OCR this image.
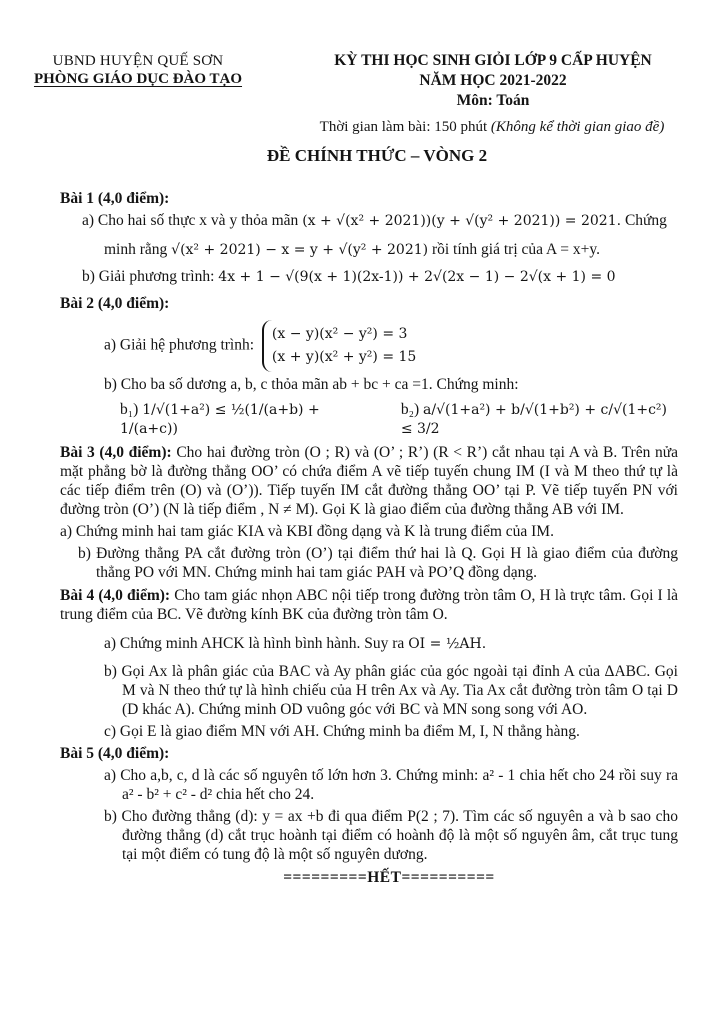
UBND HUYỆN QUẾ SƠN
PHÒNG GIÁO DỤC ĐÀO TẠO
KỲ THI HỌC SINH GIỎI LỚP 9 CẤP HUYỆN
NĂM HỌC 2021-2022
Môn: Toán
Thời gian làm bài: 150 phút (Không kể thời gian giao đề)
ĐỀ CHÍNH THỨC – VÒNG 2
Bài 1 (4,0 điểm):
a) Cho hai số thực x và y thỏa mãn (x + √(x² + 2021))(y + √(y² + 2021)) = 2021. Chứng
minh rằng √(x² + 2021) − x = y + √(y² + 2021) rồi tính giá trị của A = x+y.
b) Giải phương trình: 4x + 1 − √(9(x + 1)(2x-1)) + 2√(2x − 1) − 2√(x + 1) = 0
Bài 2 (4,0 điểm):
a) Giải hệ phương trình:
(x − y)(x² − y²) = 3
(x + y)(x² + y²) = 15
b) Cho ba số dương a, b, c thỏa mãn ab + bc + ca =1. Chứng minh:
b₁) 1/√(1+a²) ≤ ½(1/(a+b) + 1/(a+c))
b₂) a/√(1+a²) + b/√(1+b²) + c/√(1+c²) ≤ 3/2
Bài 3 (4,0 điểm): Cho hai đường tròn (O ; R) và (O’ ; R’) (R < R’) cắt nhau tại A và B. Trên nửa mặt phẳng bờ là đường thẳng OO’ có chứa điểm A vẽ tiếp tuyến chung IM (I và M theo thứ tự là các tiếp điểm trên (O) và (O’)). Tiếp tuyến IM cắt đường thẳng OO’ tại P. Vẽ tiếp tuyến PN với đường tròn (O’) (N là tiếp điểm , N ≠ M). Gọi K là giao điểm của đường thẳng AB với IM.
a) Chứng minh hai tam giác KIA và KBI đồng dạng và K là trung điểm của IM.
b) Đường thẳng PA cắt đường tròn (O’) tại điểm thứ hai là Q. Gọi H là giao điểm của đường thẳng PO với MN. Chứng minh hai tam giác PAH và PO’Q đồng dạng.
Bài 4 (4,0 điểm): Cho tam giác nhọn ABC nội tiếp trong đường tròn tâm O, H là trực tâm. Gọi I là trung điểm của BC. Vẽ đường kính BK của đường tròn tâm O.
a) Chứng minh AHCK là hình bình hành. Suy ra OI = ½AH.
b) Gọi Ax là phân giác của BAC và Ay phân giác của góc ngoài tại đỉnh A của ΔABC. Gọi M và N theo thứ tự là hình chiếu của H trên Ax và Ay. Tia Ax cắt đường tròn tâm O tại D (D khác A). Chứng minh OD vuông góc với BC và MN song song với AO.
c) Gọi E là giao điểm MN với AH. Chứng minh ba điểm M, I, N thẳng hàng.
Bài 5 (4,0 điểm):
a) Cho a,b, c, d là các số nguyên tố lớn hơn 3. Chứng minh: a² - 1 chia hết cho 24 rồi suy ra a² - b² + c² - d² chia hết cho 24.
b) Cho đường thẳng (d): y = ax +b đi qua điểm P(2 ; 7). Tìm các số nguyên a và b sao cho đường thẳng (d) cắt trục hoành tại điểm có hoành độ là một số nguyên âm, cắt trục tung tại một điểm có tung độ là một số nguyên dương.
=========HẾT==========
